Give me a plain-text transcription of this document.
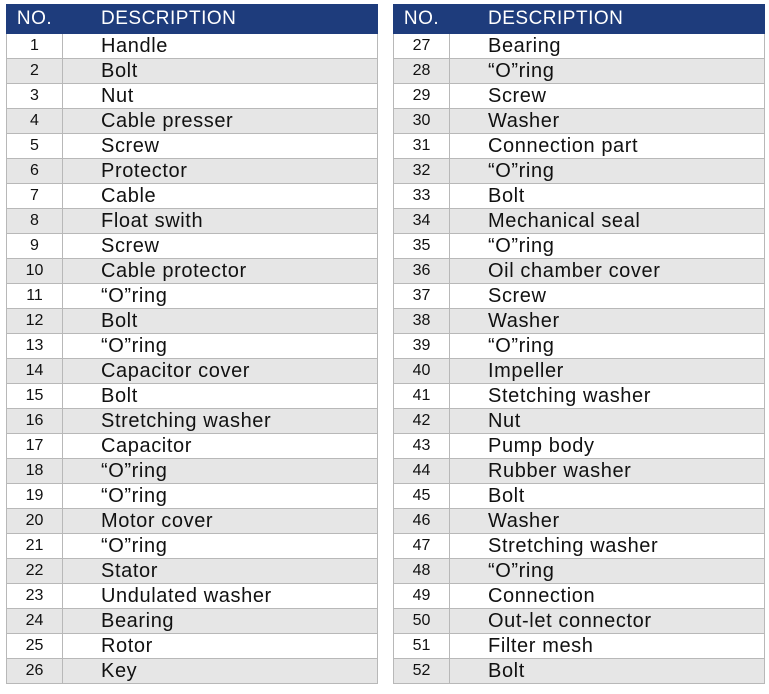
NO.	DESCRIPTION
1	Handle
2	Bolt
3	Nut
4	Cable presser
5	Screw
6	Protector
7	Cable
8	Float swith
9	Screw
10	Cable protector
11	“O”ring
12	Bolt
13	“O”ring
14	Capacitor cover
15	Bolt
16	Stretching washer
17	Capacitor
18	“O”ring
19	“O”ring
20	Motor cover
21	“O”ring
22	Stator
23	Undulated washer
24	Bearing
25	Rotor
26	Key
NO.	DESCRIPTION
27	Bearing
28	“O”ring
29	Screw
30	Washer
31	Connection part
32	“O”ring
33	Bolt
34	Mechanical seal
35	“O”ring
36	Oil chamber cover
37	Screw
38	Washer
39	“O”ring
40	Impeller
41	Stetching washer
42	Nut
43	Pump body
44	Rubber washer
45	Bolt
46	Washer
47	Stretching washer
48	“O”ring
49	Connection
50	Out-let connector
51	Filter mesh
52	Bolt
